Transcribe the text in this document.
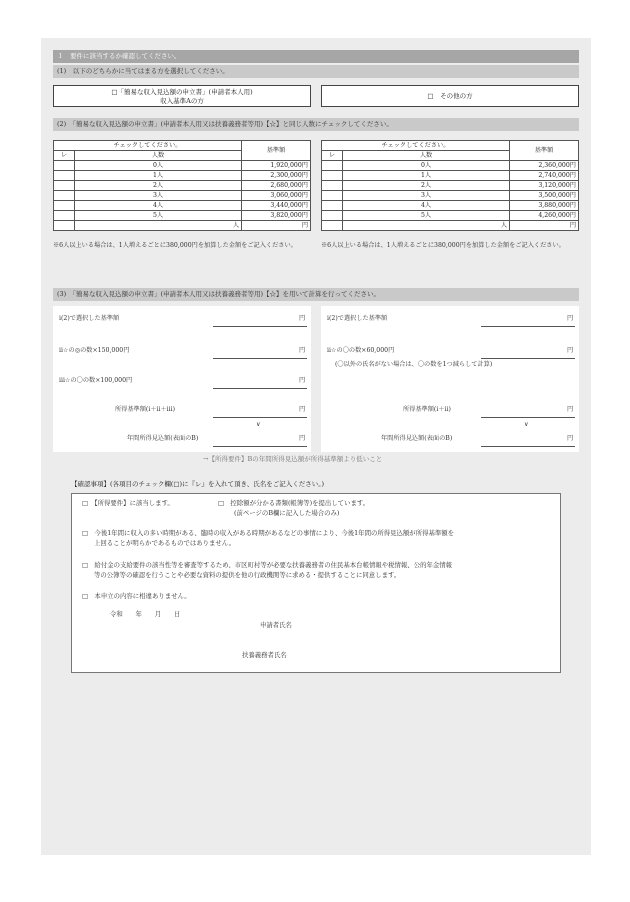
１　要件に該当するか確認してください。
(1)　以下のどちらかに当てはまる方を選択してください。
□「簡易な収入見込額の申立書」(申請者本人用)
収入基準Aの方
□　その他の方
(2)　「簡易な収入見込額の申立書」(申請者本人用又は扶養義務者等用)【☆】と同じ人数にチェックしてください。
チェックしてください。		基準額
レ	人数	
	0人	1,920,000円
	1人	2,300,000円
	2人	2,680,000円
	3人	3,060,000円
	4人	3,440,000円
	5人	3,820,000円
	人	円
※6人以上いる場合は、1人増えるごとに380,000円を加算した金額をご記入ください。
チェックしてください。		基準額
レ	人数	
	0人	2,360,000円
	1人	2,740,000円
	2人	3,120,000円
	3人	3,500,000円
	4人	3,880,000円
	5人	4,260,000円
	人	円
※6人以上いる場合は、1人増えるごとに380,000円を加算した金額をご記入ください。
(3)　「簡易な収入見込額の申立書」(申請者本人用又は扶養義務者等用)【☆】を用いて計算を行ってください。
i(2)で選択した基準額	円
ii☆の◎の数×150,000円	円
iii☆の〇の数×100,000円	円
所得基準額(i＋ii＋iii)	円
∨
年間所得見込額(表面のB)	円
i(2)で選択した基準額	円
ii☆の〇の数×60,000円	円
(〇以外の氏名がない場合は、〇の数を1つ減らして計算)
所得基準額(i＋ii)	円
∨
年間所得見込額(表面のB)	円
→【所得要件】Bの年間所得見込額が所得基準額より低いこと
【確認事項】(各項目のチェック欄(□)に『レ』を入れて頂き、氏名をご記入ください。)
□　【所得要件】に該当します。	□　控除額が分かる書類(帳簿等)を提出しています。
(前ページのB欄に記入した場合のみ)
□　今後1年間に収入の多い時期がある、臨時の収入がある時期があるなどの事情により、今後1年間の所得見込額が所得基準額を
上回ることが明らかであるものではありません。
□　給付金の支給要件の該当性等を審査等するため、市区町村等が必要な扶養義務者の住民基本台帳情報や税情報、公的年金情報
等の公簿等の確認を行うことや必要な資料の提供を他の行政機関等に求める・提供することに同意します。
□　本申立の内容に相違ありません。
令和　　年　　月　　日
申請者氏名
扶養義務者氏名
